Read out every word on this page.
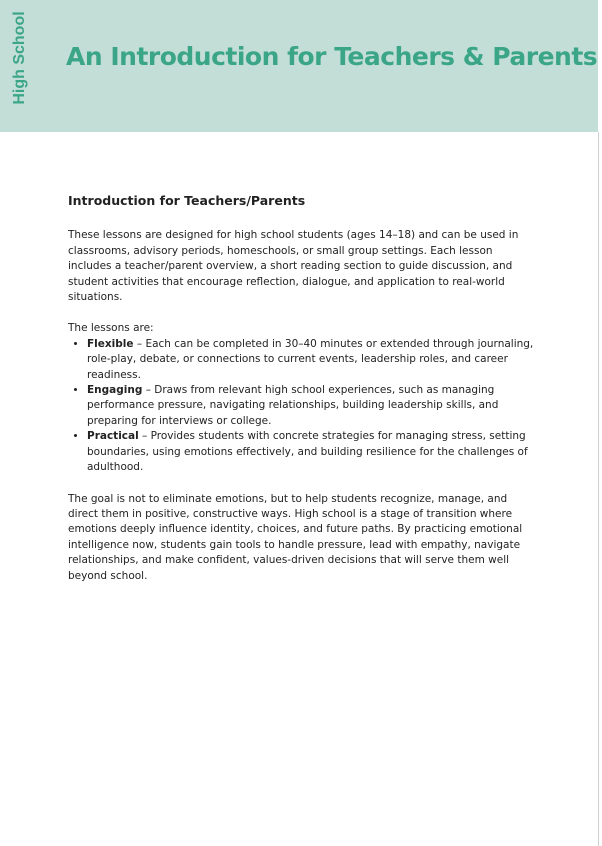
High School An Introduction for Teachers & Parents
Introduction for Teachers/Parents

These lessons are designed for high school students (ages 14–18) and can be used in classrooms, advisory periods, homeschools, or small group settings. Each lesson includes a teacher/parent overview, a short reading section to guide discussion, and student activities that encourage reflection, dialogue, and application to real-world situations.

The lessons are:

• Flexible – Each can be completed in 30–40 minutes or extended through journaling, role-play, debate, or connections to current events, leadership roles, and career readiness.
• Engaging – Draws from relevant high school experiences, such as managing performance pressure, navigating relationships, building leadership skills, and preparing for interviews or college.
• Practical – Provides students with concrete strategies for managing stress, setting boundaries, using emotions effectively, and building resilience for the challenges of adulthood.

The goal is not to eliminate emotions, but to help students recognize, manage, and direct them in positive, constructive ways. High school is a stage of transition where emotions deeply influence identity, choices, and future paths. By practicing emotional intelligence now, students gain tools to handle pressure, lead with empathy, navigate relationships, and make confident, values-driven decisions that will serve them well beyond school.
